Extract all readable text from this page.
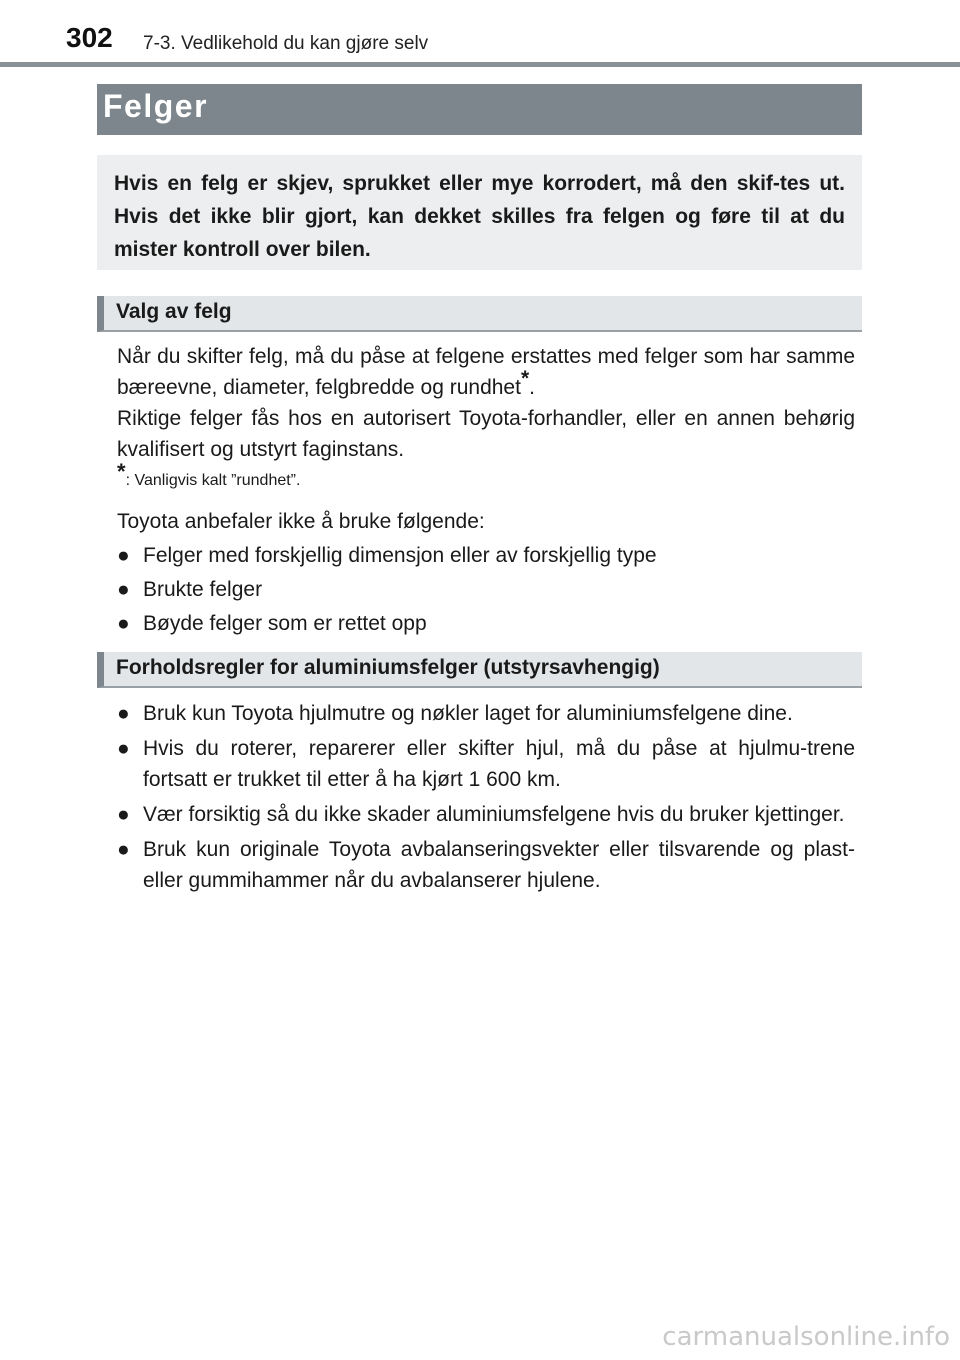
302 7-3. Vedlikehold du kan gjøre selv
Felger
Hvis en felg er skjev, sprukket eller mye korrodert, må den skif-tes ut. Hvis det ikke blir gjort, kan dekket skilles fra felgen og føre til at du mister kontroll over bilen.
Valg av felg

Når du skifter felg, må du påse at felgene erstattes med felger som har samme bæreevne, diameter, felgbredde og rundhet*.

Riktige felger fås hos en autorisert Toyota-forhandler, eller en annen behørig kvalifisert og utstyrt faginstans.

*: Vanligvis kalt ”rundhet”.

Toyota anbefaler ikke å bruke følgende:

● Felger med forskjellig dimensjon eller av forskjellig type
● Brukte felger
● Bøyde felger som er rettet opp
Forholdsregler for aluminiumsfelger (utstyrsavhengig)
● Bruk kun Toyota hjulmutre og nøkler laget for aluminiumsfelgene dine.
● Hvis du roterer, reparerer eller skifter hjul, må du påse at hjulmu-trene fortsatt er trukket til etter å ha kjørt 1 600 km.
● Vær forsiktig så du ikke skader aluminiumsfelgene hvis du bruker kjettinger.
● Bruk kun originale Toyota avbalanseringsvekter eller tilsvarende og plast- eller gummihammer når du avbalanserer hjulene.
carmanualsonline.info
